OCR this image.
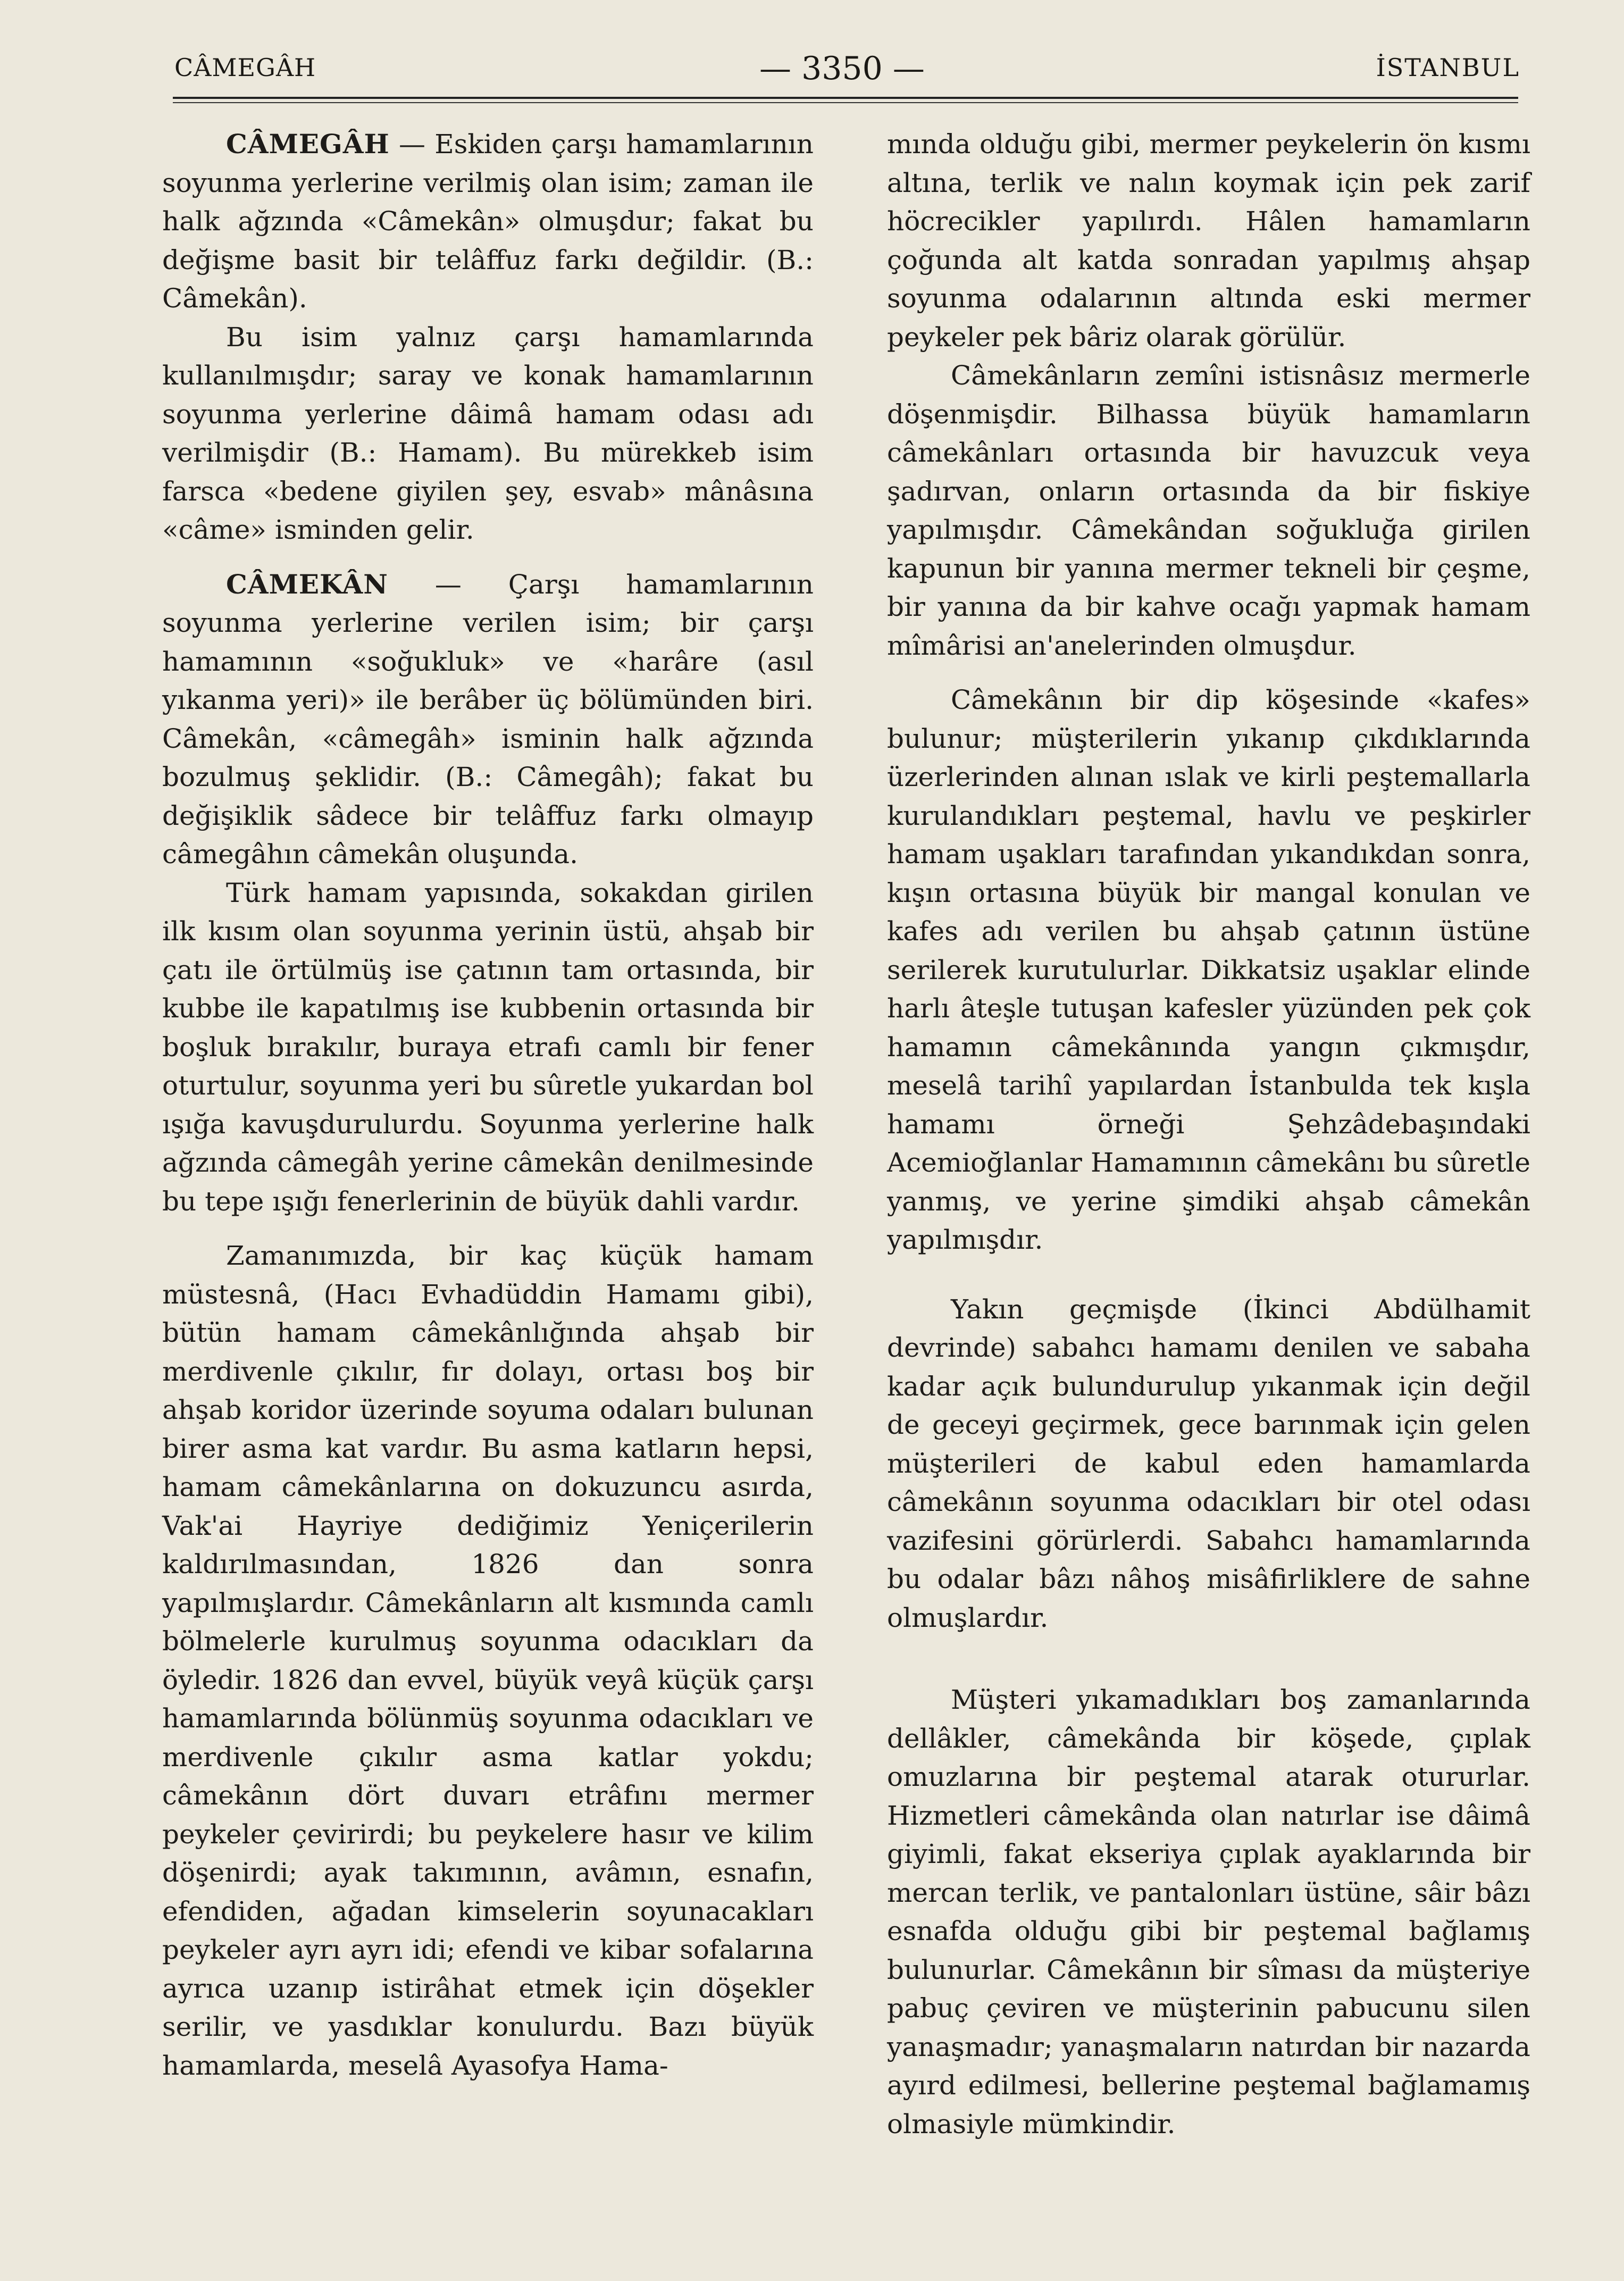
CÂMEGÂH	— 3350 —	İSTANBUL

CÂMEGÂH — Eskiden çarşı hamamlarının soyunma yerlerine verilmiş olan isim; zaman ile halk ağzında «Câmekân» olmuşdur; fakat bu değişme basit bir telâffuz farkı değildir. (B.: Câmekân).

Bu isim yalnız çarşı hamamlarında kullanılmışdır; saray ve konak hamamlarının soyunma yerlerine dâimâ hamam odası adı verilmişdir (B.: Hamam). Bu mürekkeb isim farsca «bedene giyilen şey, esvab» mânâsına «câme» isminden gelir.

CÂMEKÂN — Çarşı hamamlarının soyunma yerlerine verilen isim; bir çarşı hamamının «soğukluk» ve «harâre (asıl yıkanma yeri)» ile berâber üç bölümünden biri. Câmekân, «câmegâh» isminin halk ağzında bozulmuş şeklidir. (B.: Câmegâh); fakat bu değişiklik sâdece bir telâffuz farkı olmayıp câmegâhın câmekân oluşunda.

Türk hamam yapısında, sokakdan girilen ilk kısım olan soyunma yerinin üstü, ahşab bir çatı ile örtülmüş ise çatının tam ortasında, bir kubbe ile kapatılmış ise kubbenin ortasında bir boşluk bırakılır, buraya etrafı camlı bir fener oturtulur, soyunma yeri bu sûretle yukardan bol ışığa kavuşdurulurdu. Soyunma yerlerine halk ağzında câmegâh yerine câmekân denilmesinde bu tepe ışığı fenerlerinin de büyük dahli vardır.

Zamanımızda, bir kaç küçük hamam müstesnâ, (Hacı Evhadüddin Hamamı gibi), bütün hamam câmekânlığında ahşab bir merdivenle çıkılır, fır dolayı, ortası boş bir ahşab koridor üzerinde soyuma odaları bulunan birer asma kat vardır. Bu asma katların hepsi, hamam câmekânlarına on dokuzuncu asırda, Vak'ai Hayriye dediğimiz Yeniçerilerin kaldırılmasından, 1826 dan sonra yapılmışlardır. Câmekânların alt kısmında camlı bölmelerle kurulmuş soyunma odacıkları da öyledir. 1826 dan evvel, büyük veyâ küçük çarşı hamamlarında bölünmüş soyunma odacıkları ve merdivenle çıkılır asma katlar yokdu; câmekânın dört duvarı etrâfını mermer peykeler çevirirdi; bu peykelere hasır ve kilim döşenirdi; ayak takımının, avâmın, esnafın, efendiden, ağadan kimselerin soyunacakları peykeler ayrı ayrı idi; efendi ve kibar sofalarına ayrıca uzanıp istirâhat etmek için döşekler serilir, ve yasdıklar konulurdu. Bazı büyük hamamlarda, meselâ Ayasofya Hama-

mında olduğu gibi, mermer peykelerin ön kısmı altına, terlik ve nalın koymak için pek zarif höcrecikler yapılırdı. Hâlen hamamların çoğunda alt katda sonradan yapılmış ahşap soyunma odalarının altında eski mermer peykeler pek bâriz olarak görülür.

Câmekânların zemîni istisnâsız mermerle döşenmişdir. Bilhassa büyük hamamların câmekânları ortasında bir havuzcuk veya şadırvan, onların ortasında da bir fiskiye yapılmışdır. Câmekândan soğukluğa girilen kapunun bir yanına mermer tekneli bir çeşme, bir yanına da bir kahve ocağı yapmak hamam mîmârisi an'anelerinden olmuşdur.

Câmekânın bir dip köşesinde «kafes» bulunur; müşterilerin yıkanıp çıkdıklarında üzerlerinden alınan ıslak ve kirli peştemallarla kurulandıkları peştemal, havlu ve peşkirler hamam uşakları tarafından yıkandıkdan sonra, kışın ortasına büyük bir mangal konulan ve kafes adı verilen bu ahşab çatının üstüne serilerek kurutulurlar. Dikkatsiz uşaklar elinde harlı âteşle tutuşan kafesler yüzünden pek çok hamamın câmekânında yangın çıkmışdır, meselâ tarihî yapılardan İstanbulda tek kışla hamamı örneği Şehzâdebaşındaki Acemioğlanlar Hamamının câmekânı bu sûretle yanmış, ve yerine şimdiki ahşab câmekân yapılmışdır.

Yakın geçmişde (İkinci Abdülhamit devrinde) sabahcı hamamı denilen ve sabaha kadar açık bulundurulup yıkanmak için değil de geceyi geçirmek, gece barınmak için gelen müşterileri de kabul eden hamamlarda câmekânın soyunma odacıkları bir otel odası vazifesini görürlerdi. Sabahcı hamamlarında bu odalar bâzı nâhoş misâfirliklere de sahne olmuşlardır.

Müşteri yıkamadıkları boş zamanlarında dellâkler, câmekânda bir köşede, çıplak omuzlarına bir peştemal atarak otururlar. Hizmetleri câmekânda olan natırlar ise dâimâ giyimli, fakat ekseriya çıplak ayaklarında bir mercan terlik, ve pantalonları üstüne, sâir bâzı esnafda olduğu gibi bir peştemal bağlamış bulunurlar. Câmekânın bir sîması da müşteriye pabuç çeviren ve müşterinin pabucunu silen yanaşmadır; yanaşmaların natırdan bir nazarda ayırd edilmesi, bellerine peştemal bağlamamış olmasiyle mümkindir.
